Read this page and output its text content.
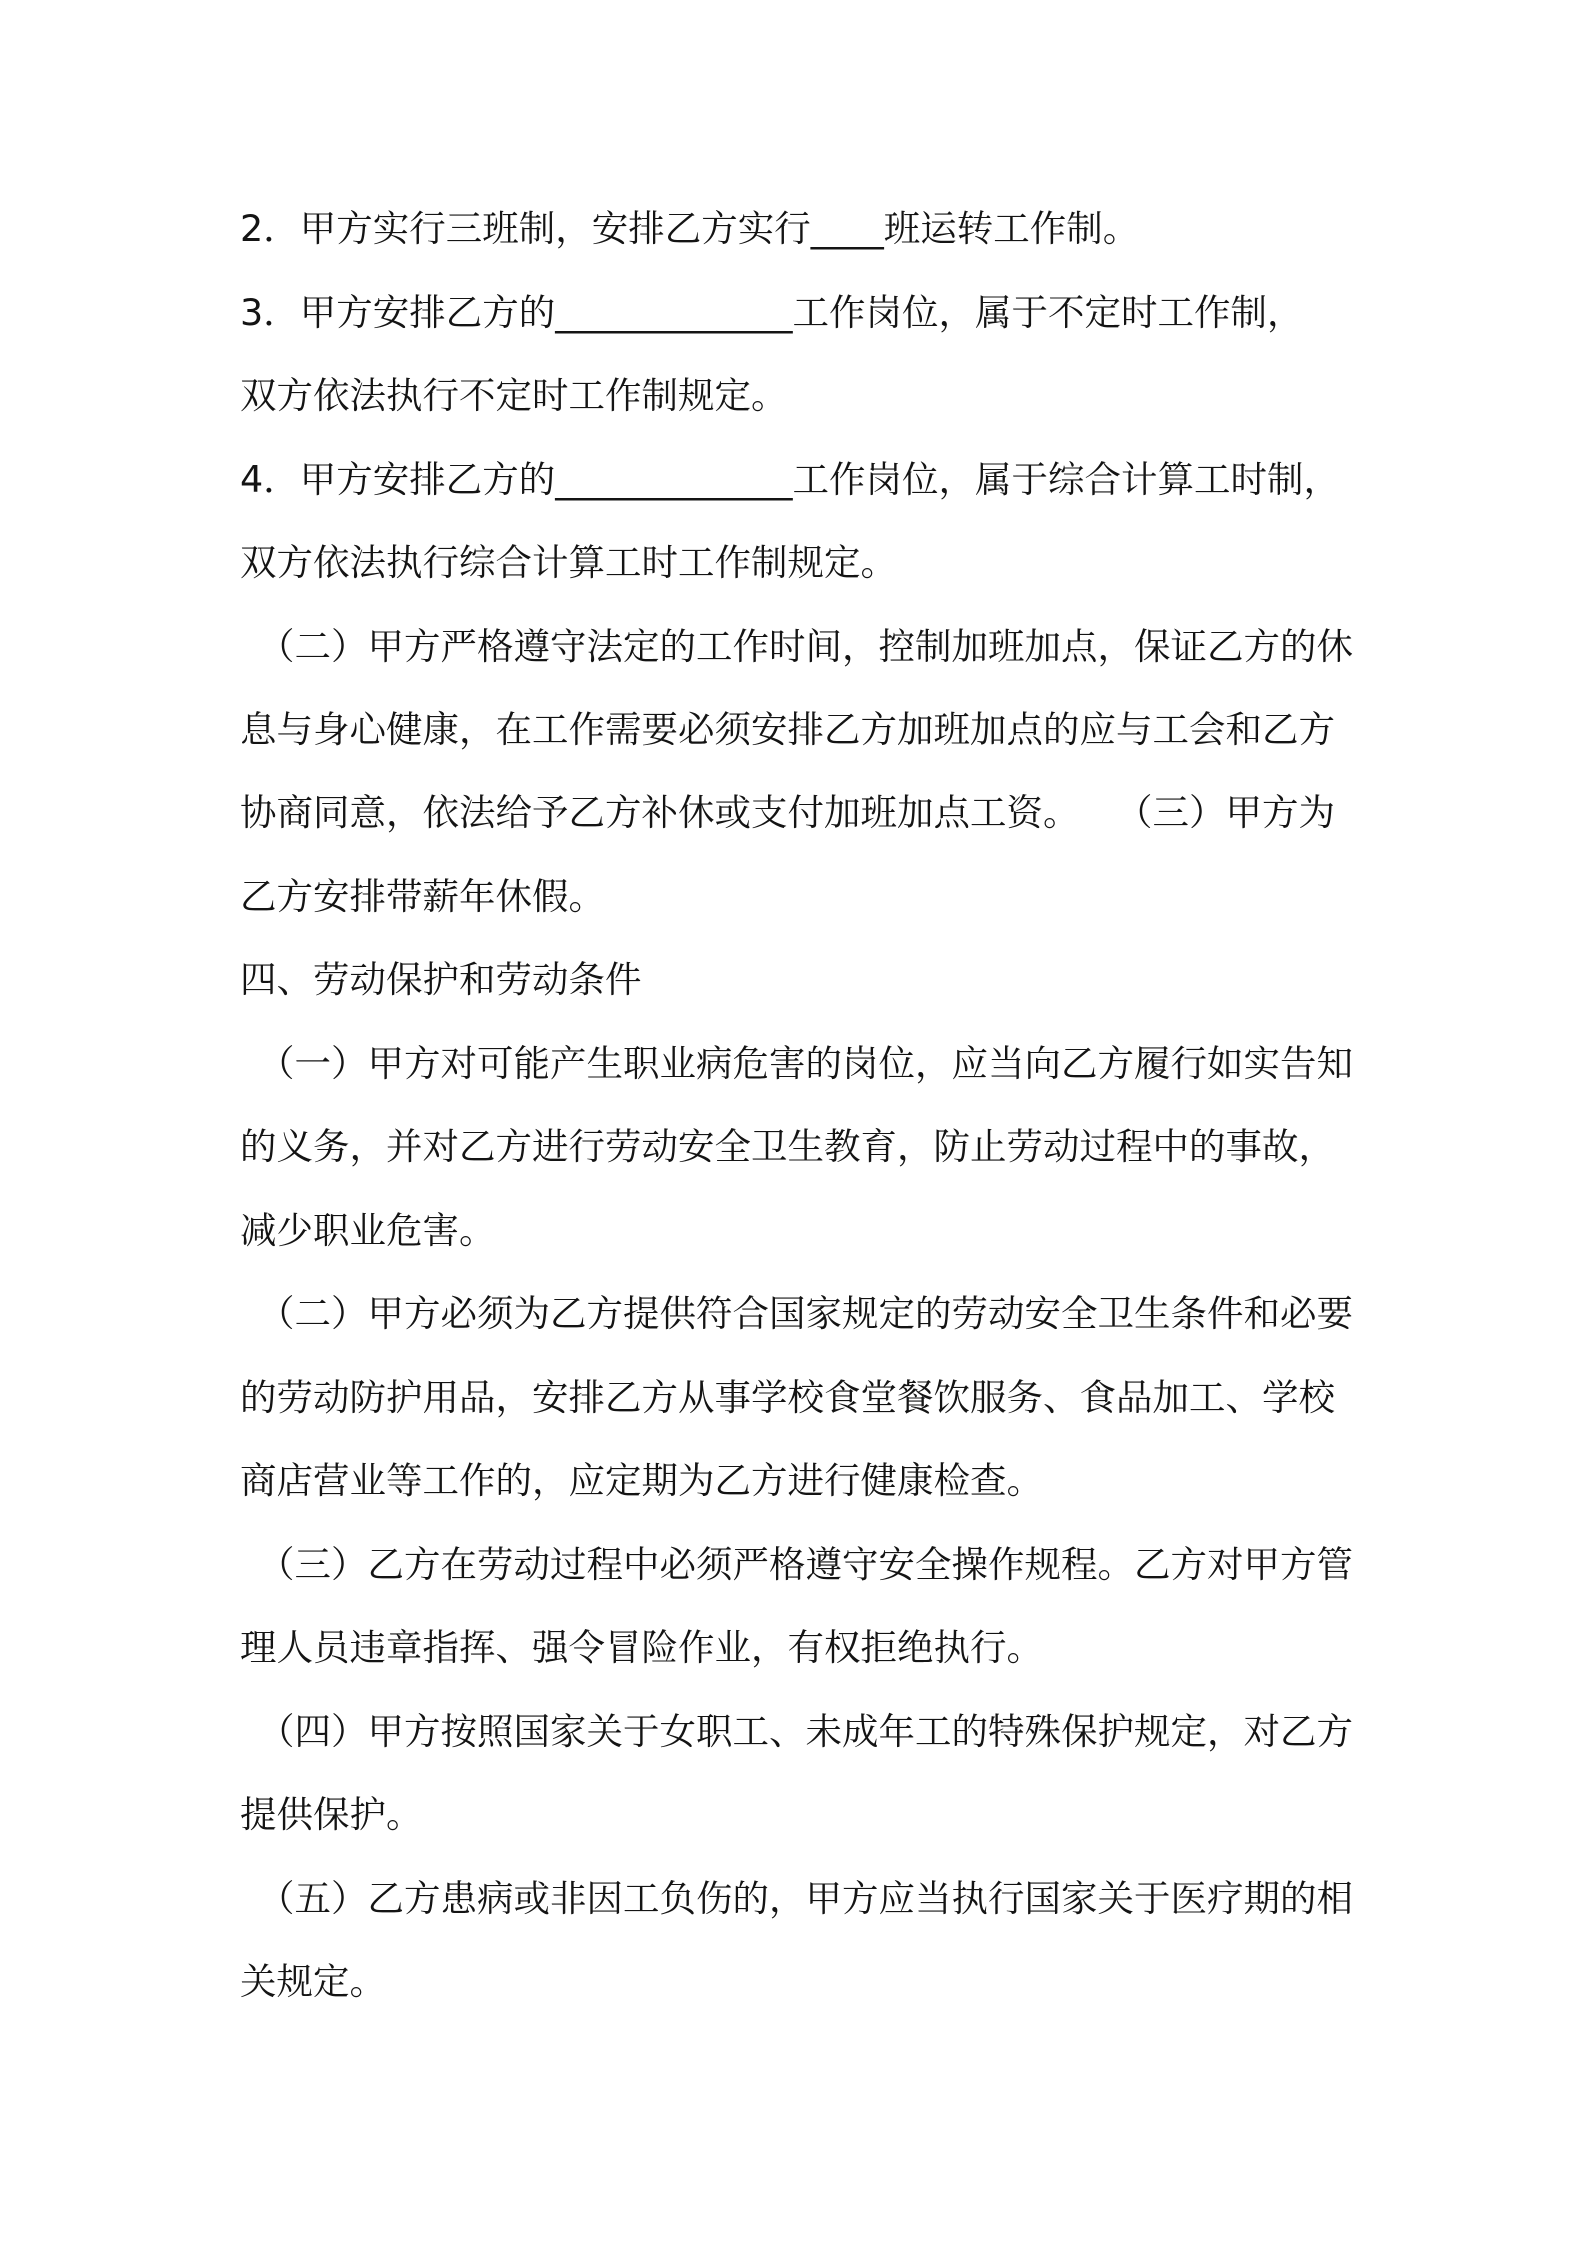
2．甲方实行三班制，安排乙方实行____班运转工作制。
3．甲方安排乙方的_____________工作岗位，属于不定时工作制，
双方依法执行不定时工作制规定。
4．甲方安排乙方的_____________工作岗位，属于综合计算工时制，
双方依法执行综合计算工时工作制规定。
（二）甲方严格遵守法定的工作时间，控制加班加点，保证乙方的休
息与身心健康，在工作需要必须安排乙方加班加点的应与工会和乙方
协商同意，依法给予乙方补休或支付加班加点工资。　　（三）甲方为
乙方安排带薪年休假。
四、劳动保护和劳动条件
（一）甲方对可能产生职业病危害的岗位，应当向乙方履行如实告知
的义务，并对乙方进行劳动安全卫生教育，防止劳动过程中的事故，
减少职业危害。
（二）甲方必须为乙方提供符合国家规定的劳动安全卫生条件和必要
的劳动防护用品，安排乙方从事学校食堂餐饮服务、食品加工、学校
商店营业等工作的，应定期为乙方进行健康检查。
（三）乙方在劳动过程中必须严格遵守安全操作规程。乙方对甲方管
理人员违章指挥、强令冒险作业，有权拒绝执行。
（四）甲方按照国家关于女职工、未成年工的特殊保护规定，对乙方
提供保护。
（五）乙方患病或非因工负伤的，甲方应当执行国家关于医疗期的相
关规定。
